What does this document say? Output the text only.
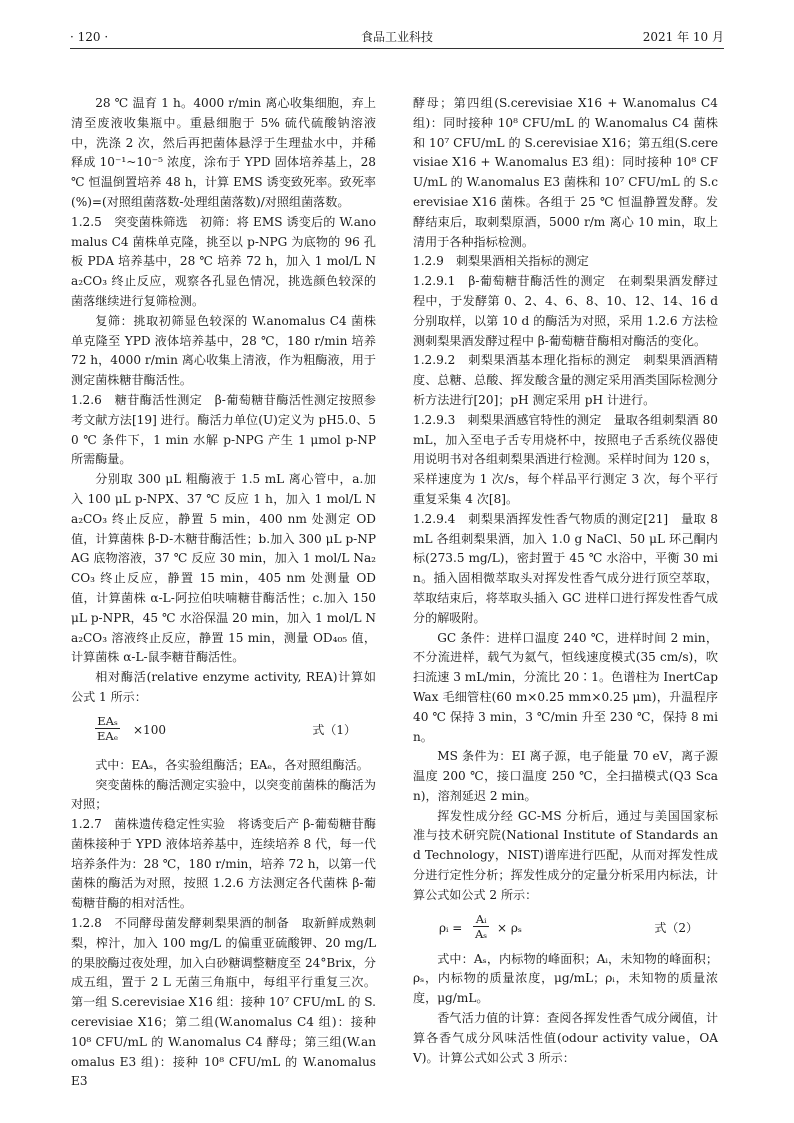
· 120 ·	食品工业科技	2021 年 10 月

28 ℃ 温育 1 h。4000 r/min 离心收集细胞，弃上清至废液收集瓶中。重悬细胞于 5% 硫代硫酸钠溶液中，洗涤 2 次，然后再把菌体悬浮于生理盐水中，并稀释成 10⁻¹~10⁻⁵ 浓度，涂布于 YPD 固体培养基上，28 ℃ 恒温倒置培养 48 h，计算 EMS 诱变致死率。致死率(%)=(对照组菌落数-处理组菌落数)/对照组菌落数。

1.2.5　突变菌株筛选　初筛：将 EMS 诱变后的 W.anomalus C4 菌株单克隆，挑至以 p-NPG 为底物的 96 孔板 PDA 培养基中，28 ℃ 培养 72 h，加入 1 mol/L Na₂CO₃ 终止反应，观察各孔显色情况，挑选颜色较深的菌落继续进行复筛检测。

复筛：挑取初筛显色较深的 W.anomalus C4 菌株单克隆至 YPD 液体培养基中，28 ℃，180 r/min 培养 72 h，4000 r/min 离心收集上清液，作为粗酶液，用于测定菌株糖苷酶活性。

1.2.6　糖苷酶活性测定　β-葡萄糖苷酶活性测定按照参考文献方法[19] 进行。酶活力单位(U)定义为 pH5.0、50 ℃ 条件下，1 min 水解 p-NPG 产生 1 μmol p-NP 所需酶量。

分别取 300 μL 粗酶液于 1.5 mL 离心管中，a.加入 100 μL p-NPX、37 ℃ 反应 1 h，加入 1 mol/L Na₂CO₃ 终止反应，静置 5 min，400 nm 处测定 OD 值，计算菌株 β-D-木糖苷酶活性；b.加入 300 μL p-NPAG 底物溶液，37 ℃ 反应 30 min，加入 1 mol/L Na₂CO₃ 终止反应，静置 15 min，405 nm 处测量 OD 值，计算菌株 α-L-阿拉伯呋喃糖苷酶活性；c.加入 150 μL p-NPR，45 ℃ 水浴保温 20 min，加入 1 mol/L Na₂CO₃ 溶液终止反应，静置 15 min，测量 OD₄₀₅ 值，计算菌株 α-L-鼠李糖苷酶活性。

相对酶活(relative enzyme activity, REA)计算如公式 1 所示：

EAₛ
EAₑ ×100	式（1）

式中：EAₛ，各实验组酶活；EAₑ，各对照组酶活。

突变菌株的酶活测定实验中，以突变前菌株的酶活为对照；

1.2.7　菌株遗传稳定性实验　将诱变后产 β-葡萄糖苷酶菌株接种于 YPD 液体培养基中，连续培养 8 代，每一代培养条件为：28 ℃，180 r/min，培养 72 h，以第一代菌株的酶活为对照，按照 1.2.6 方法测定各代菌株 β-葡萄糖苷酶的相对活性。

1.2.8　不同酵母菌发酵刺梨果酒的制备　取新鲜成熟刺梨，榨汁，加入 100 mg/L 的偏重亚硫酸钾、20 mg/L 的果胶酶过夜处理，加入白砂糖调整糖度至 24°Brix，分成五组，置于 2 L 无菌三角瓶中，每组平行重复三次。第一组 S.cerevisiae X16 组：接种 10⁷ CFU/mL 的 S.cerevisiae X16；第二组(W.anomalus C4 组)：接种 10⁸ CFU/mL 的 W.anomalus C4 酵母；第三组(W.anomalus E3 组)：接种 10⁸ CFU/mL 的 W.anomalus E3

酵母；第四组(S.cerevisiae X16 + W.anomalus C4 组)：同时接种 10⁸ CFU/mL 的 W.anomalus C4 菌株和 10⁷ CFU/mL 的 S.cerevisiae X16；第五组(S.cerevisiae X16 + W.anomalus E3 组)：同时接种 10⁸ CFU/mL 的 W.anomalus E3 菌株和 10⁷ CFU/mL 的 S.cerevisiae X16 菌株。各组于 25 ℃ 恒温静置发酵。发酵结束后，取刺梨原酒，5000 r/m 离心 10 min，取上清用于各种指标检测。

1.2.9　刺梨果酒相关指标的测定

1.2.9.1　β-葡萄糖苷酶活性的测定　在刺梨果酒发酵过程中，于发酵第 0、2、4、6、8、10、12、14、16 d 分别取样，以第 10 d 的酶活为对照，采用 1.2.6 方法检测刺梨果酒发酵过程中 β-葡萄糖苷酶相对酶活的变化。

1.2.9.2　刺梨果酒基本理化指标的测定　刺梨果酒酒精度、总糖、总酸、挥发酸含量的测定采用酒类国际检测分析方法进行[20]；pH 测定采用 pH 计进行。

1.2.9.3　刺梨果酒感官特性的测定　量取各组刺梨酒 80 mL，加入至电子舌专用烧杯中，按照电子舌系统仪器使用说明书对各组刺梨果酒进行检测。采样时间为 120 s，采样速度为 1 次/s，每个样品平行测定 3 次，每个平行重复采集 4 次[8]。

1.2.9.4　刺梨果酒挥发性香气物质的测定[21]　量取 8 mL 各组刺梨果酒，加入 1.0 g NaCl、50 μL 环己酮内标(273.5 mg/L)，密封置于 45 ℃ 水浴中，平衡 30 min。插入固相微萃取头对挥发性香气成分进行顶空萃取，萃取结束后，将萃取头插入 GC 进样口进行挥发性香气成分的解吸附。

GC 条件：进样口温度 240 ℃，进样时间 2 min，不分流进样，载气为氦气，恒线速度模式(35 cm/s)，吹扫流速 3 mL/min，分流比 20∶1。色谱柱为 InertCap Wax 毛细管柱(60 m×0.25 mm×0.25 μm)，升温程序 40 ℃ 保持 3 min，3 ℃/min 升至 230 ℃，保持 8 min。

MS 条件为：EI 离子源，电子能量 70 eV，离子源温度 200 ℃，接口温度 250 ℃，全扫描模式(Q3 Scan)，溶剂延迟 2 min。

挥发性成分经 GC-MS 分析后，通过与美国国家标准与技术研究院(National Institute of Standards and Technology，NIST)谱库进行匹配，从而对挥发性成分进行定性分析；挥发性成分的定量分析采用内标法，计算公式如公式 2 所示：

ρᵢ = $\frac{\text{Aᵢ}}{\text{Aₛ}} \times \rho_s$	式（2）

式中：Aₛ，内标物的峰面积；Aᵢ，未知物的峰面积；ρₛ，内标物的质量浓度，μg/mL；ρᵢ，未知物的质量浓度，μg/mL。

香气活力值的计算：查阅各挥发性香气成分阈值，计算各香气成分风味活性值(odour activity value，OAV)。计算公式如公式 3 所示：
